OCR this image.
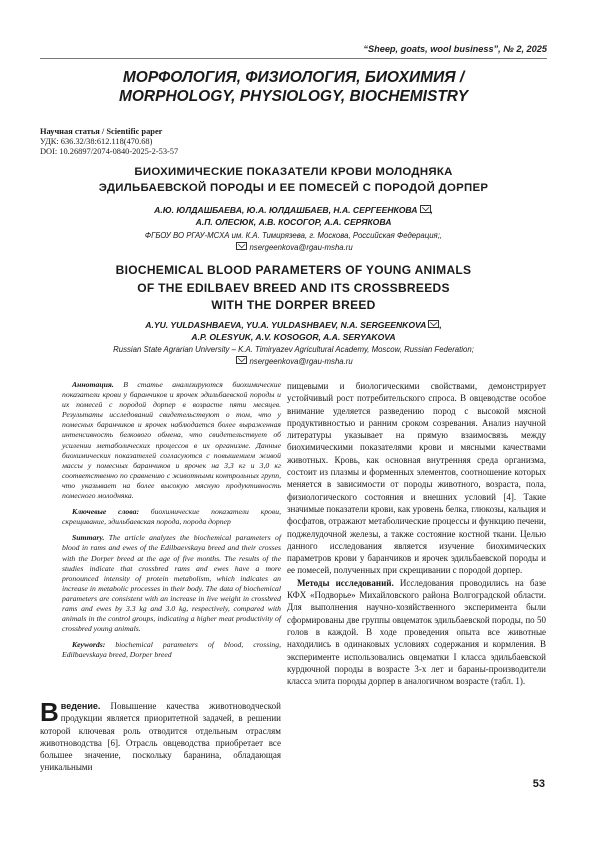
“Sheep, goats, wool business”, № 2, 2025
МОРФОЛОГИЯ, ФИЗИОЛОГИЯ, БИОХИМИЯ /
MORPHOLOGY, PHYSIOLOGY, BIOCHEMISTRY
Научная статья / Scientific paper
УДК: 636.32/38:612.118(470.68)
DOI: 10.26897/2074-0840-2025-2-53-57
БИОХИМИЧЕСКИЕ ПОКАЗАТЕЛИ КРОВИ МОЛОДНЯКА
ЭДИЛЬБАЕВСКОЙ ПОРОДЫ И ЕЕ ПОМЕСЕЙ С ПОРОДОЙ ДОРПЕР
А.Ю. ЮЛДАШБАЕВА, Ю.А. ЮЛДАШБАЕВ, Н.А. СЕРГЕЕНКОВА ,
А.П. ОЛЕСЮК, А.В. КОСОГОР, А.А. СЕРЯКОВА
ФГБОУ ВО РГАУ-МСХА им. К.А. Тимирязева, г. Москова, Российская Федерация;,
nsergeenkova@rgau-msha.ru
BIOCHEMICAL BLOOD PARAMETERS OF YOUNG ANIMALS
OF THE EDILBAEV BREED AND ITS CROSSBREEDS
WITH THE DORPER BREED
A.YU. YULDASHBAEVA, YU.A. YULDASHBAEV, N.A. SERGEENKOVA ,
A.P. OLESYUK, A.V. KOSOGOR, A.A. SERYAKOVA
Russian State Agrarian University – K.A. Timiryazev Agricultural Academy, Moscow, Russian Federation;
nsergeenkova@rgau-msha.ru

Аннотация. В статье анализируются биохимические показатели крови у баранчиков и ярочек эдильбаевской породы и их помесей с породой дорпер в возрасте пяти месяцев. Результаты исследований свидетельствуют о том, что у помесных баранчиков и ярочек наблюдается более выраженная интенсивность белкового обмена, что свидетельствует об усилении метаболических процессов в их организме. Данные биохимических показателей согласуются с повышением живой массы у помесных баранчиков и ярочек на 3,3 кг и 3,0 кг соответственно по сравнению с животными контрольных групп, что указывает на более высокую мясную продуктивность помесного молодняка.

Ключевые слова: биохимические показатели крови, скрещивание, эдильбаевская порода, порода дорпер

Summary. The article analyzes the biochemical parameters of blood in rams and ewes of the Edilbaevskaya breed and their crosses with the Dorper breed at the age of five months. The results of the studies indicate that crossbred rams and ewes have a more pronounced intensity of protein metabolism, which indicates an increase in metabolic processes in their body. The data of biochemical parameters are consistent with an increase in live weight in crossbred rams and ewes by 3.3 kg and 3.0 kg, respectively, compared with animals in the control groups, indicating a higher meat productivity of crossbred young animals.

Keywords: biochemical parameters of blood, crossing, Edilbaevskaya breed, Dorper breed

Введение. Повышение качества животноводческой продукции является приоритетной задачей, в решении которой ключевая роль отводится отдельным отраслям животноводства [6]. Отрасль овцеводства приобретает все большее значение, поскольку баранина, обладающая уникальными

пищевыми и биологическими свойствами, демонстрирует устойчивый рост потребительского спроса. В овцеводстве особое внимание уделяется разведению пород с высокой мясной продуктивностью и ранним сроком созревания. Анализ научной литературы указывает на прямую взаимосвязь между биохимическими показателями крови и мясными качествами животных. Кровь, как основная внутренняя среда организма, состоит из плазмы и форменных элементов, соотношение которых меняется в зависимости от породы животного, возраста, пола, физиологического состояния и внешних условий [4]. Такие значимые показатели крови, как уровень белка, глюкозы, кальция и фосфатов, отражают метаболические процессы и функцию печени, поджелудочной железы, а также состояние костной ткани. Целью данного исследования является изучение биохимических параметров крови у баранчиков и ярочек эдильбаевской породы и ее помесей, полученных при скрещивании с породой дорпер.

Методы исследований. Исследования проводились на базе КФХ «Подворье» Михайловского района Волгоградской области. Для выполнения научно-хозяйственного эксперимента были сформированы две группы овцематок эдильбаевской породы, по 50 голов в каждой. В ходе проведения опыта все животные находились в одинаковых условиях содержания и кормления. В эксперименте использовались овцематки I класса эдильбаевской курдючной породы в возрасте 3-х лет и бараны-производители класса элита породы дорпер в аналогичном возрасте (табл. 1).

53
